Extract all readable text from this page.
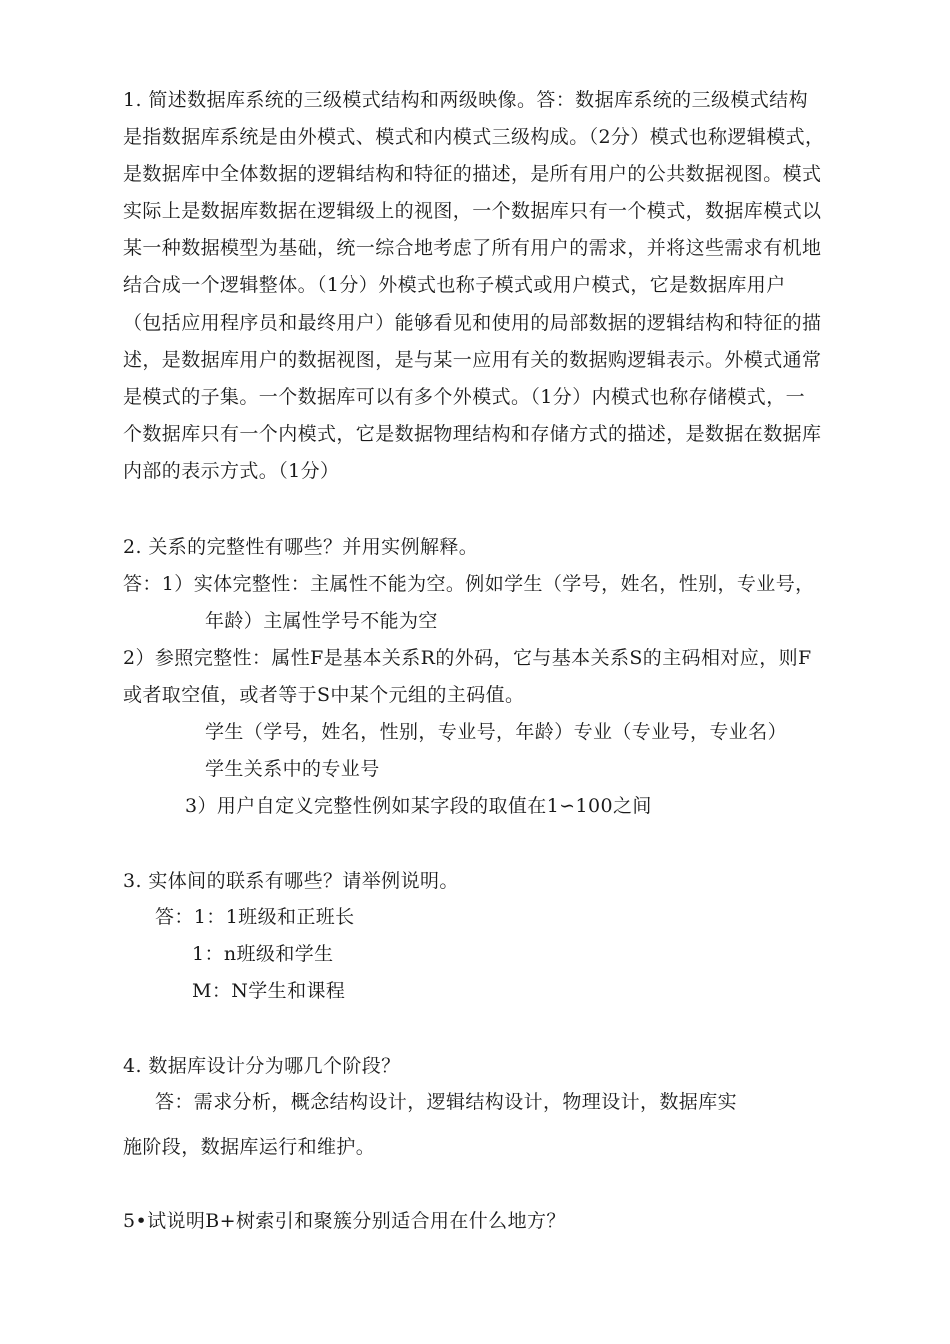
1. 简述数据库系统的三级模式结构和两级映像。答：数据库系统的三级模式结构
是指数据库系统是由外模式、模式和内模式三级构成。（2分）模式也称逻辑模式，
是数据库中全体数据的逻辑结构和特征的描述，是所有用户的公共数据视图。模式
实际上是数据库数据在逻辑级上的视图，一个数据库只有一个模式，数据库模式以
某一种数据模型为基础，统一综合地考虑了所有用户的需求，并将这些需求有机地
结合成一个逻辑整体。（1分）外模式也称子模式或用户模式，它是数据库用户
（包括应用程序员和最终用户）能够看见和使用的局部数据的逻辑结构和特征的描
述，是数据库用户的数据视图，是与某一应用有关的数据购逻辑表示。外模式通常
是模式的子集。一个数据库可以有多个外模式。（1分）内模式也称存储模式，一
个数据库只有一个内模式，它是数据物理结构和存储方式的描述，是数据在数据库
内部的表示方式。（1分）
2. 关系的完整性有哪些？并用实例解释。
答：1）实体完整性：主属性不能为空。例如学生（学号，姓名，性别，专业号，
年龄）主属性学号不能为空
2）参照完整性：属性F是基本关系R的外码，它与基本关系S的主码相对应，则F
或者取空值，或者等于S中某个元组的主码值。
学生（学号，姓名，性别，专业号，年龄）专业（专业号，专业名）
学生关系中的专业号
3）用户自定义完整性例如某字段的取值在1∽100之间
3. 实体间的联系有哪些？请举例说明。
答：1：1班级和正班长
1：n班级和学生
M：N学生和课程
4. 数据库设计分为哪几个阶段？
答：需求分析，概念结构设计，逻辑结构设计，物理设计，数据库实
施阶段，数据库运行和维护。
5•试说明B+树索引和聚簇分别适合用在什么地方？
